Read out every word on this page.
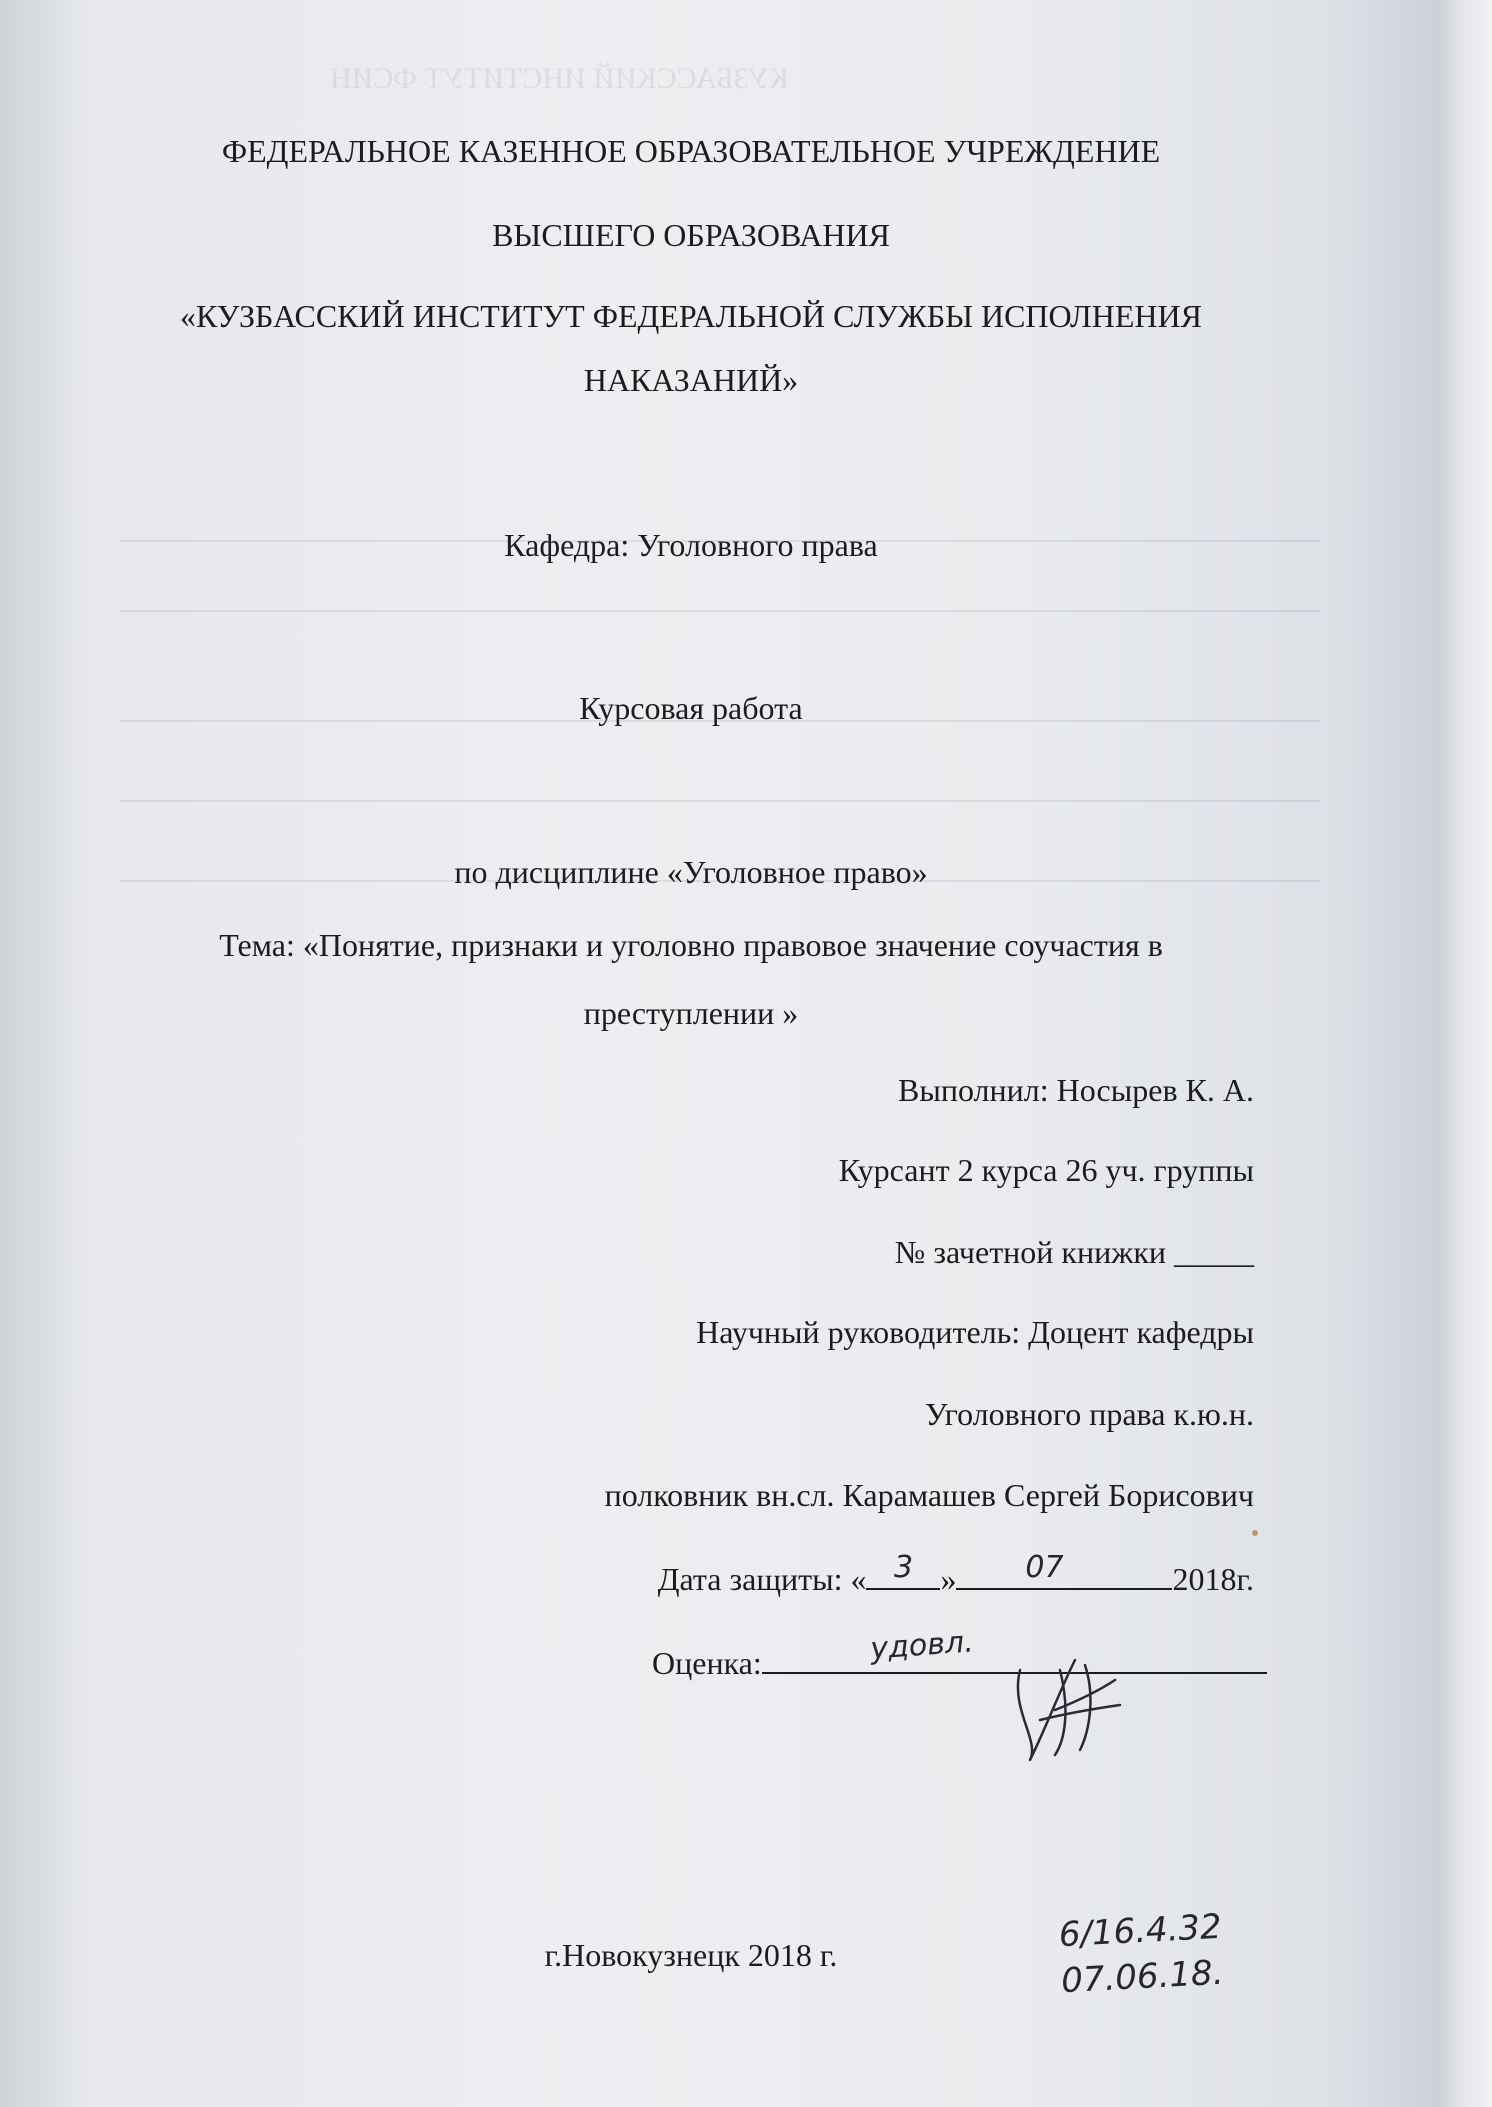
КУЗБАССКИЙ ИНСТИТУТ ФСИН
ФЕДЕРАЛЬНОЕ КАЗЕННОЕ ОБРАЗОВАТЕЛЬНОЕ УЧРЕЖДЕНИЕ
ВЫСШЕГО ОБРАЗОВАНИЯ
«КУЗБАССКИЙ ИНСТИТУТ ФЕДЕРАЛЬНОЙ СЛУЖБЫ ИСПОЛНЕНИЯ
НАКАЗАНИЙ»
Кафедра: Уголовного права
Курсовая работа
по дисциплине «Уголовное право»
Тема: «Понятие, признаки и уголовно правовое значение соучастия в
преступлении »
Выполнил: Носырев К. А.
Курсант 2 курса 26 уч. группы
№ зачетной книжки _____
Научный руководитель: Доцент кафедры
Уголовного права к.ю.н.
полковник вн.сл. Карамашев Сергей Борисович
Дата защиты: « 3 »	07	2018г.
Оценка:	удовл.
г.Новокузнецк 2018 г.	6/16.4.32
07.06.18.
